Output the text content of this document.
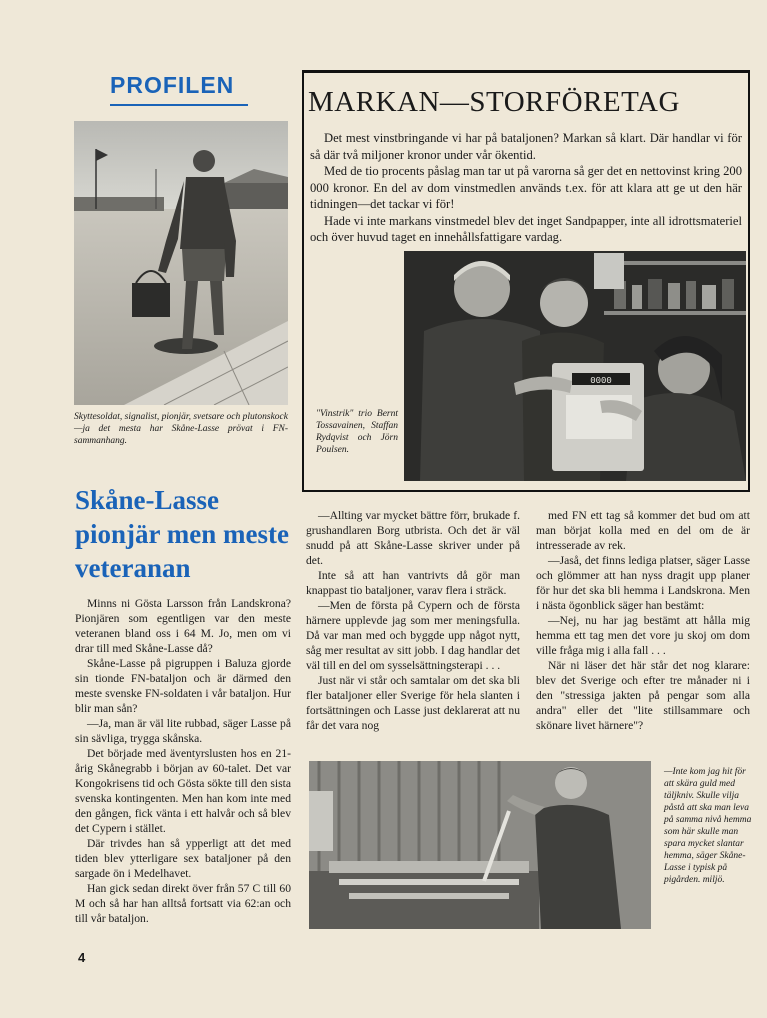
PROFILEN
Skyttesoldat, signalist, pionjär, svetsare och plutonskock—ja det mesta har Skåne-Lasse prövat i FN-sammanhang.
MARKAN—STORFÖRETAG

Det mest vinstbringande vi har på bataljonen? Markan så klart. Där handlar vi för så där två miljoner kronor under vår ökentid.

Med de tio procents påslag man tar ut på varorna så ger det en nettovinst kring 200 000 kronor. En del av dom vinstmedlen används t.ex. för att klara att ge ut den här tidningen—det tackar vi för!

Hade vi inte markans vinstmedel blev det inget Sandpapper, inte all idrottsmateriel och över huvud taget en innehållsfattigare vardag.

"Vinstrik" trio Bernt Tossavainen, Staffan Rydqvist och Jörn Poulsen.
0000
Skåne-Lasse pionjär men meste veteranan

Minns ni Gösta Larsson från Landskrona? Pionjären som egentligen var den meste veteranen bland oss i 64 M. Jo, men om vi drar till med Skåne-Lasse då?

Skåne-Lasse på pigruppen i Baluza gjorde sin tionde FN-bataljon och är därmed den meste svenske FN-soldaten i vår bataljon. Hur blir man sån?

—Ja, man är väl lite rubbad, säger Lasse på sin sävliga, trygga skånska.

Det började med äventyrslusten hos en 21-årig Skånegrabb i början av 60-talet. Det var Kongokrisens tid och Gösta sökte till den sista svenska kontingenten. Men han kom inte med den gången, fick vänta i ett halvår och så blev det Cypern i stället.

Där trivdes han så ypperligt att det med tiden blev ytterligare sex bataljoner på den sargade ön i Medelhavet.

Han gick sedan direkt över från 57 C till 60 M och så har han alltså fortsatt via 62:an och till vår bataljon.

—Allting var mycket bättre förr, brukade f. grushandlaren Borg utbrista. Och det är väl snudd på att Skåne-Lasse skriver under på det.

Inte så att han vantrivts då gör man knappast tio bataljoner, varav flera i sträck.

—Men de första på Cypern och de första härnere upplevde jag som mer meningsfulla. Då var man med och byggde upp något nytt, såg mer resultat av sitt jobb. I dag handlar det väl till en del om sysselsättningsterapi . . .

Just när vi står och samtalar om det ska bli fler bataljoner eller Sverige för hela slanten i fortsättningen och Lasse just deklarerat att nu får det vara nog

med FN ett tag så kommer det bud om att man börjat kolla med en del om de är intresserade av rek.

—Jaså, det finns lediga platser, säger Lasse och glömmer att han nyss dragit upp planer för hur det ska bli hemma i Landskrona. Men i nästa ögonblick säger han bestämt:

—Nej, nu har jag bestämt att hålla mig hemma ett tag men det vore ju skoj om dom ville fråga mig i alla fall . . .

När ni läser det här står det nog klarare: blev det Sverige och efter tre månader ni i den "stressiga jakten på pengar som alla andra" eller det "lite stillsammare och skönare livet härnere"?

—Inte kom jag hit för att skära guld med täljkniv. Skulle vilja påstå att ska man leva på samma nivå hemma som här skulle man spara mycket slantar hemma, säger Skåne-Lasse i typisk på pigården. miljö.
4
